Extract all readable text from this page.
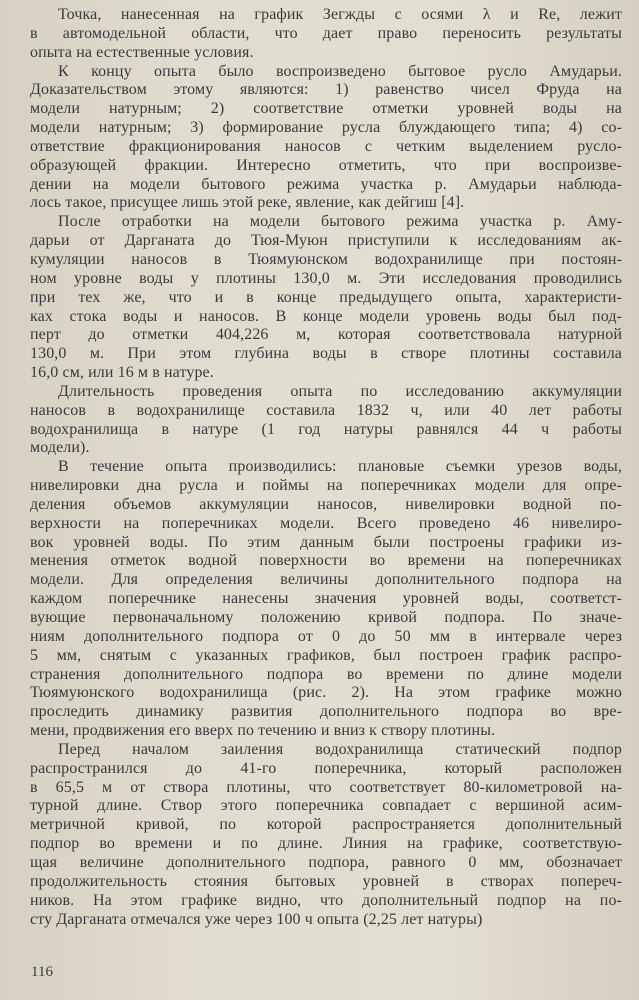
Точка, нанесенная на график Зегжды с осями λ и Re, лежит
в автомодельной области, что дает право переносить результаты
опыта на естественные условия.
К концу опыта было воспроизведено бытовое русло Амударьи.
Доказательством этому являются: 1) равенство чисел Фруда на
модели натурным; 2) соответствие отметки уровней воды на
модели натурным; 3) формирование русла блуждающего типа; 4) со-
ответствие фракционирования наносов с четким выделением русло-
образующей фракции. Интересно отметить, что при воспроизве-
дении на модели бытового режима участка р. Амударьи наблюда-
лось такое, присущее лишь этой реке, явление, как дейгиш [4].
После отработки на модели бытового режима участка р. Аму-
дарьи от Дарганата до Тюя-Муюн приступили к исследованиям ак-
кумуляции наносов в Тюямуюнском водохранилище при постоян-
ном уровне воды у плотины 130,0 м. Эти исследования проводились
при тех же, что и в конце предыдущего опыта, характеристи-
ках стока воды и наносов. В конце модели уровень воды был под-
перт до отметки 404,226 м, которая соответствовала натурной
130,0 м. При этом глубина воды в створе плотины составила
16,0 см, или 16 м в натуре.
Длительность проведения опыта по исследованию аккумуляции
наносов в водохранилище составила 1832 ч, или 40 лет работы
водохранилища в натуре (1 год натуры равнялся 44 ч работы
модели).
В течение опыта производились: плановые съемки урезов воды,
нивелировки дна русла и поймы на поперечниках модели для опре-
деления объемов аккумуляции наносов, нивелировки водной по-
верхности на поперечниках модели. Всего проведено 46 нивелиро-
вок уровней воды. По этим данным были построены графики из-
менения отметок водной поверхности во времени на поперечниках
модели. Для определения величины дополнительного подпора на
каждом поперечнике нанесены значения уровней воды, соответст-
вующие первоначальному положению кривой подпора. По значе-
ниям дополнительного подпора от 0 до 50 мм в интервале через
5 мм, снятым с указанных графиков, был построен график распро-
странения дополнительного подпора во времени по длине модели
Тюямуюнского водохранилища (рис. 2). На этом графике можно
проследить динамику развития дополнительного подпора во вре-
мени, продвижения его вверх по течению и вниз к створу плотины.
Перед началом заиления водохранилища статический подпор
распространился до 41-го поперечника, который расположен
в 65,5 м от створа плотины, что соответствует 80-километровой на-
турной длине. Створ этого поперечника совпадает с вершиной асим-
метричной кривой, по которой распространяется дополнительный
подпор во времени и по длине. Линия на графике, соответствую-
щая величине дополнительного подпора, равного 0 мм, обозначает
продолжительность стояния бытовых уровней в створах попереч-
ников. На этом графике видно, что дополнительный подпор на по-
сту Дарганата отмечался уже через 100 ч опыта (2,25 лет натуры)
116
